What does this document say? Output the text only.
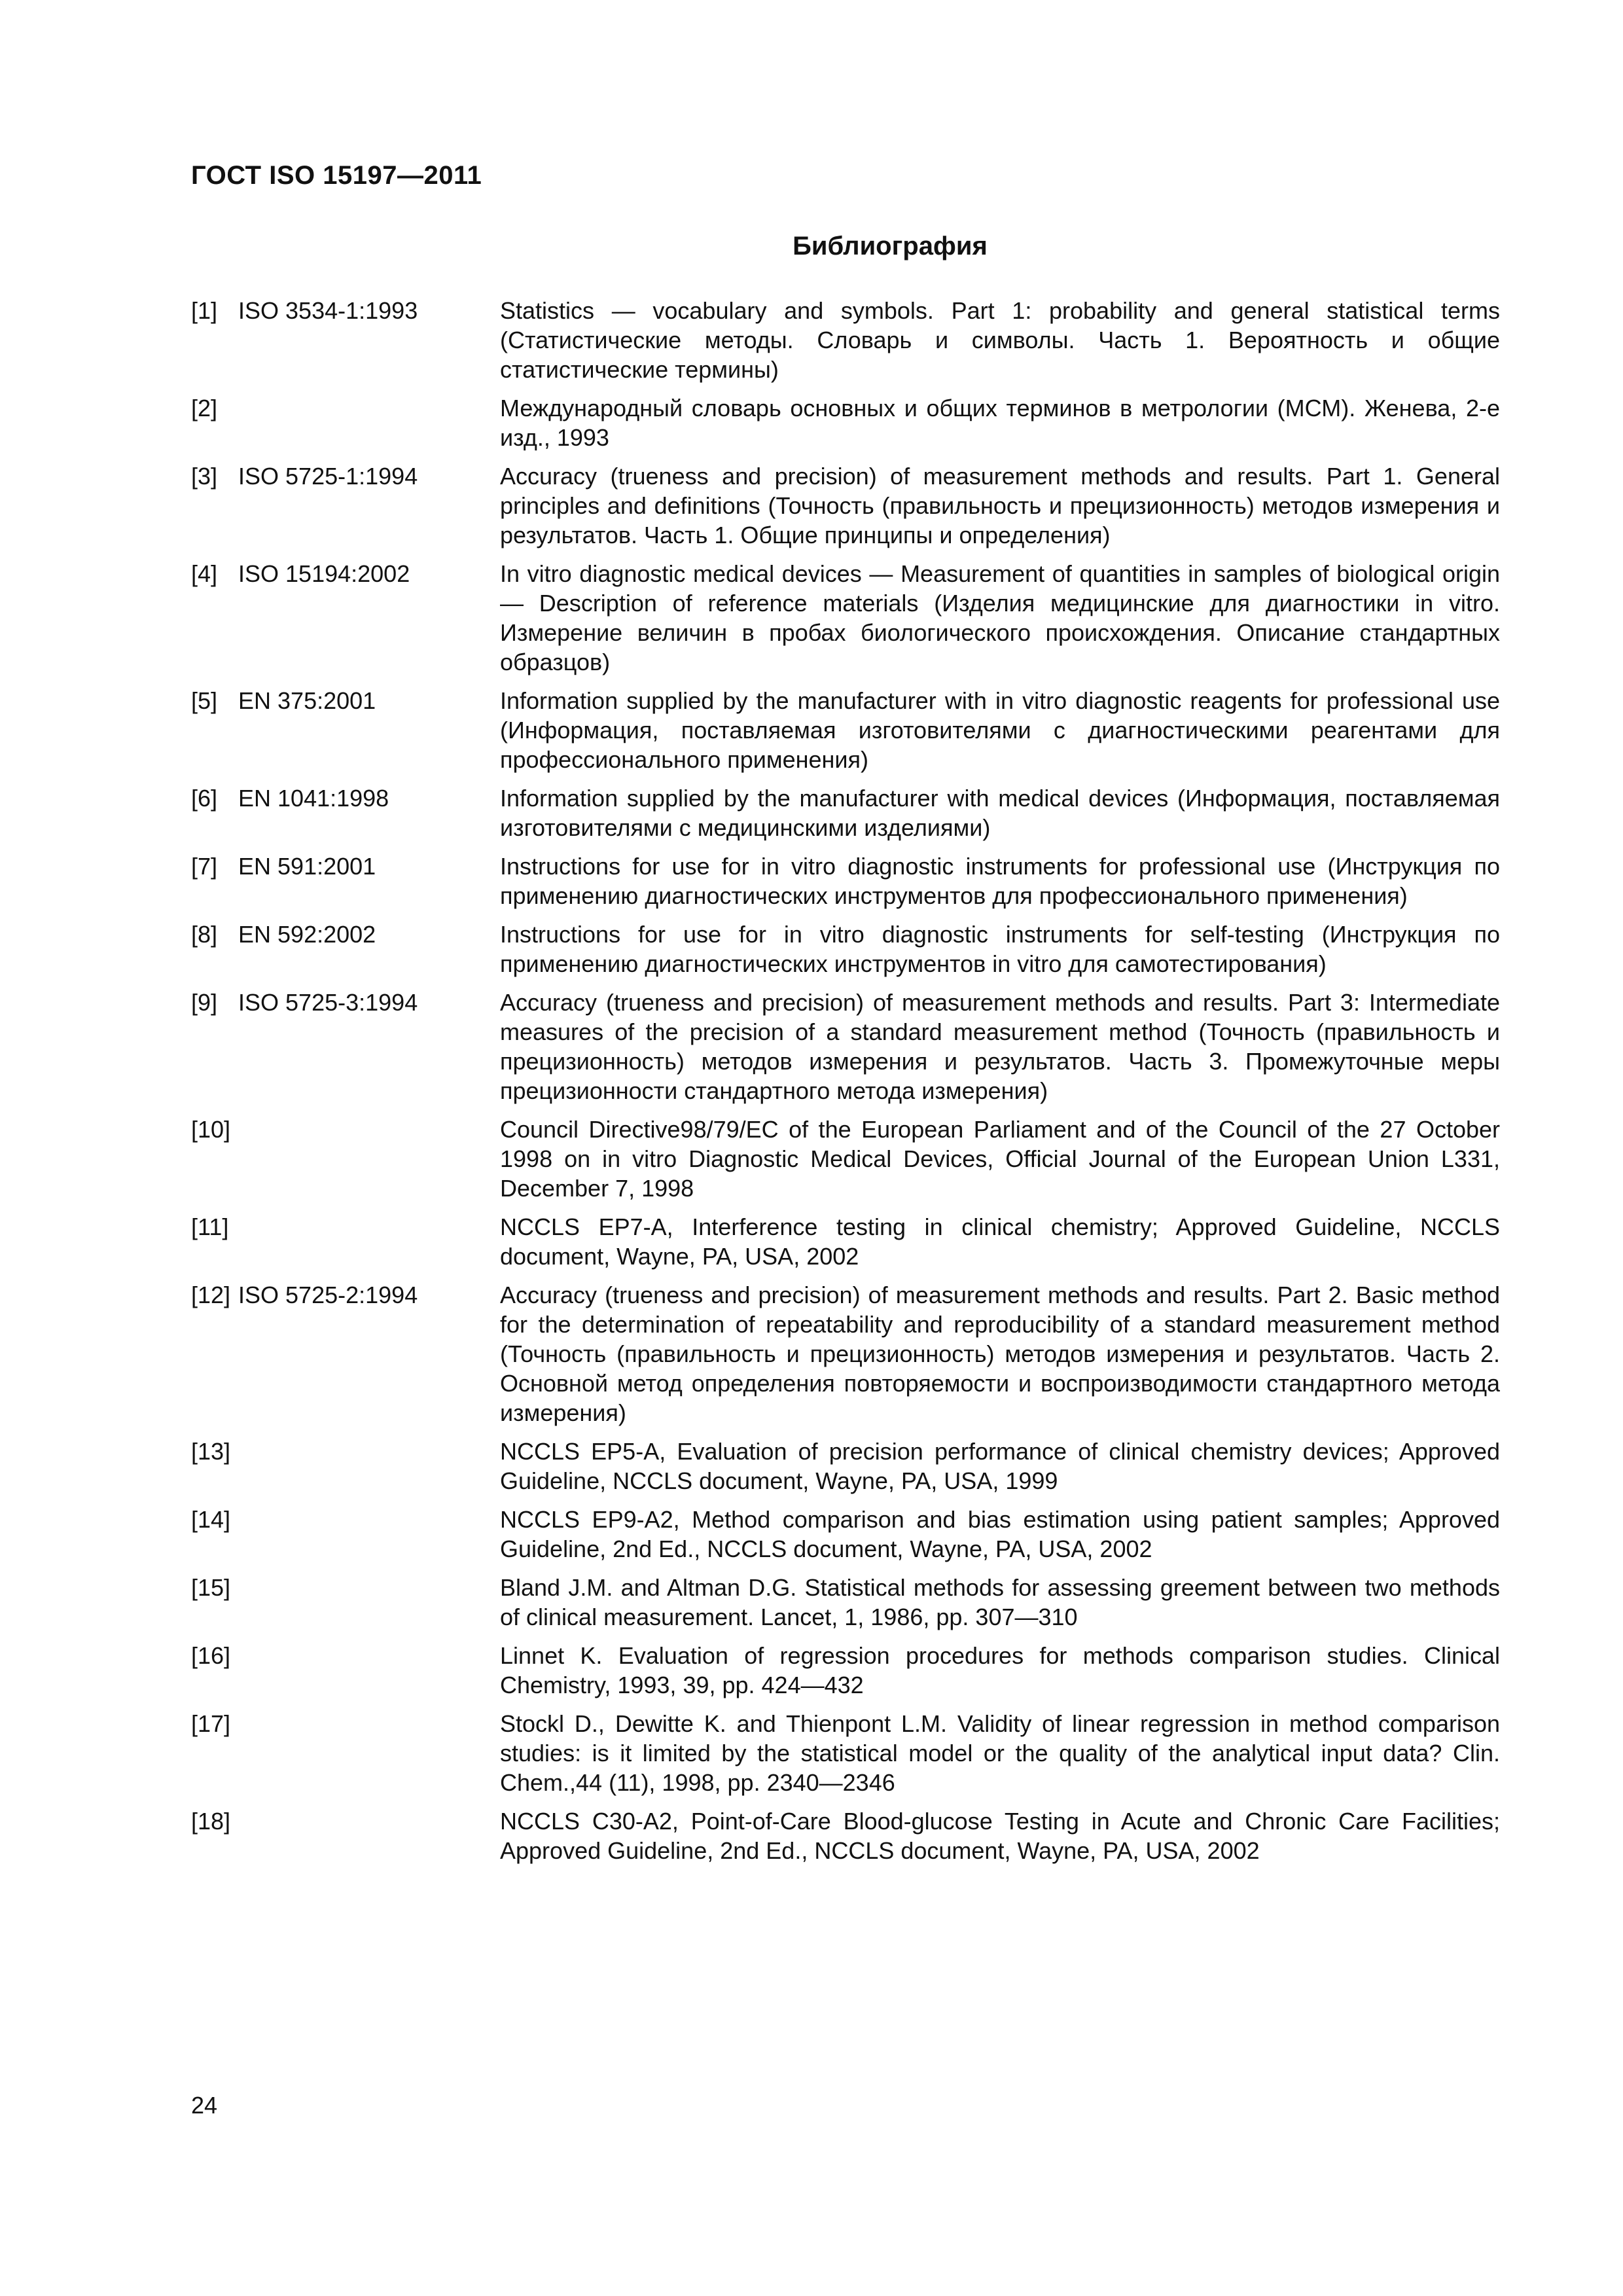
ГОСТ ISO 15197—2011
Библиография
[1] ISO 3534-1:1993	Statistics — vocabulary and symbols. Part 1: probability and general statistical terms (Статистические методы. Словарь и символы. Часть 1. Вероятность и общие статистические термины)
[2]	Международный словарь основных и общих терминов в метрологии (МСМ). Женева, 2-е изд., 1993
[3] ISO 5725-1:1994	Accuracy (trueness and precision) of measurement methods and results. Part 1. General principles and definitions (Точность (правильность и прецизионность) методов измерения и результатов. Часть 1. Общие принципы и определения)
[4] ISO 15194:2002	In vitro diagnostic medical devices — Measurement of quantities in samples of biological origin — Description of reference materials (Изделия медицинские для диагностики in vitro. Измерение величин в пробах биологического происхождения. Описание стандартных образцов)
[5] EN 375:2001	Information supplied by the manufacturer with in vitro diagnostic reagents for professional use (Информация, поставляемая изготовителями с диагностическими реагентами для профессионального применения)
[6] EN 1041:1998	Information supplied by the manufacturer with medical devices (Информация, поставляемая изготовителями с медицинскими изделиями)
[7] EN 591:2001	Instructions for use for in vitro diagnostic instruments for professional use (Инструкция по применению диагностических инструментов для профессионального применения)
[8] EN 592:2002	Instructions for use for in vitro diagnostic instruments for self-testing (Инструкция по применению диагностических инструментов in vitro для самотестирования)
[9] ISO 5725-3:1994	Accuracy (trueness and precision) of measurement methods and results. Part 3: Intermediate measures of the precision of a standard measurement method (Точность (правильность и прецизионность) методов измерения и результатов. Часть 3. Промежуточные меры прецизионности стандартного метода измерения)
[10]	Council Directive98/79/EC of the European Parliament and of the Council of the 27 October 1998 on in vitro Diagnostic Medical Devices, Official Journal of the European Union L331, December 7, 1998
[11]	NCCLS EP7-A, Interference testing in clinical chemistry; Approved Guideline, NCCLS document, Wayne, PA, USA, 2002
[12] ISO 5725-2:1994	Accuracy (trueness and precision) of measurement methods and results. Part 2. Basic method for the determination of repeatability and reproducibility of a standard measurement method (Точность (правильность и прецизионность) методов измерения и результатов. Часть 2. Основной метод определения повторяемости и воспроизводимости стандартного метода измерения)
[13]	NCCLS EP5-A, Evaluation of precision performance of clinical chemistry devices; Approved Guideline, NCCLS document, Wayne, PA, USA, 1999
[14]	NCCLS EP9-A2, Method comparison and bias estimation using patient samples; Approved Guideline, 2nd Ed., NCCLS document, Wayne, PA, USA, 2002
[15]	Bland J.M. and Altman D.G. Statistical methods for assessing greement between two methods of clinical measurement. Lancet, 1, 1986, pp. 307—310
[16]	Linnet K. Evaluation of regression procedures for methods comparison studies. Clinical Chemistry, 1993, 39, pp. 424—432
[17]	Stockl D., Dewitte K. and Thienpont L.M. Validity of linear regression in method comparison studies: is it limited by the statistical model or the quality of the analytical input data? Clin. Chem.,44 (11), 1998, pp. 2340—2346
[18]	NCCLS C30-A2, Point-of-Care Blood-glucose Testing in Acute and Chronic Care Facilities; Approved Guideline, 2nd Ed., NCCLS document, Wayne, PA, USA, 2002
24
